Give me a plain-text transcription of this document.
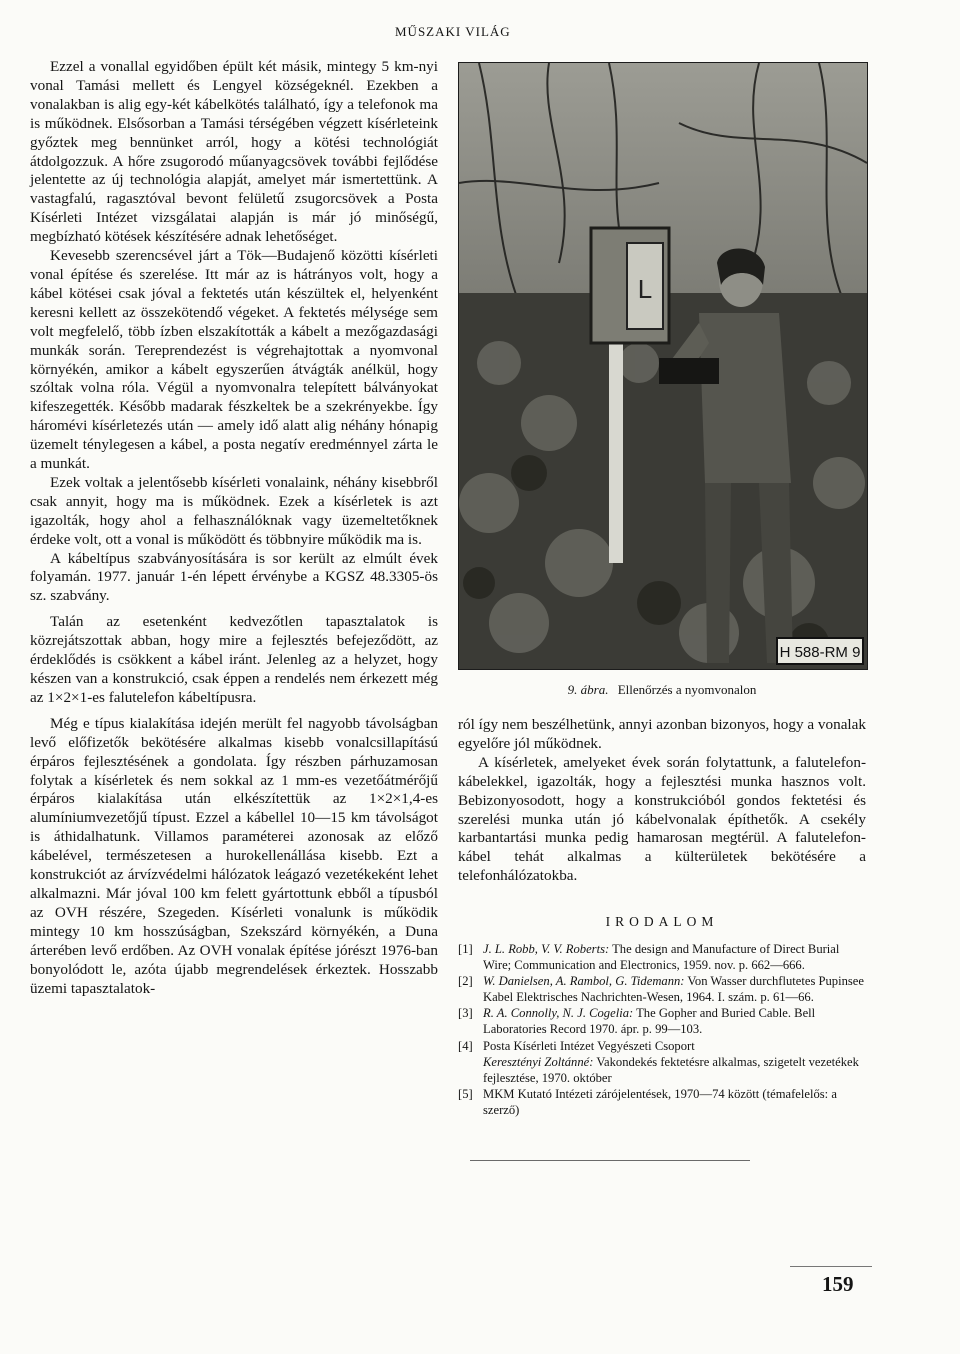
MŰSZAKI VILÁG

Ezzel a vonallal egyidőben épült két másik, mintegy 5 km-nyi vonal Tamási mellett és Lengyel községeknél. Ezekben a vonalakban is alig egy-két kábelkötés található, így a telefonok ma is működnek. Elsősorban a Tamási térségében végzett kísérleteink győztek meg bennünket arról, hogy a kötési technológiát átdolgozzuk. A hőre zsugorodó műanyagcsövek további fejlődése jelentette az új technológia alapját, amelyet már ismertettünk. A vastagfalú, ragasztóval bevont felületű zsugorcsövek a Posta Kísérleti Intézet vizsgálatai alapján is már jó minőségű, megbízható kötések készítésére adnak lehetőséget.

Kevesebb szerencsével járt a Tök—Budajenő közötti kísérleti vonal építése és szerelése. Itt már az is hátrányos volt, hogy a kábel kötései csak jóval a fektetés után készültek el, helyenként keresni kellett az összekötendő végeket. A fektetés mélysége sem volt megfelelő, több ízben elszakították a kábelt a mezőgazdasági munkák során. Tereprendezést is végrehajtottak a nyomvonal környékén, amikor a kábelt egyszerűen átvágták anélkül, hogy szóltak volna róla. Végül a nyomvonalra telepített bálványokat kifeszegették. Később madarak fészkeltek be a szekrényekbe. Így háromévi kísérletezés után — amely idő alatt alig néhány hónapig üzemelt ténylegesen a kábel, a posta negatív eredménnyel zárta le a munkát.

Ezek voltak a jelentősebb kísérleti vonalaink, néhány kisebbről csak annyit, hogy ma is működnek. Ezek a kísérletek is azt igazolták, hogy ahol a felhasználóknak vagy üzemeltetőknek érdeke volt, ott a vonal is működött és többnyire működik ma is.

A kábeltípus szabványosítására is sor került az elmúlt évek folyamán. 1977. január 1-én lépett érvénybe a KGSZ 48.3305-ös sz. szabvány.

Talán az esetenként kedvezőtlen tapasztalatok is közrejátszottak abban, hogy mire a fejlesztés befejeződött, az érdeklődés is csökkent a kábel iránt. Jelenleg az a helyzet, hogy készen van a konstrukció, csak éppen a rendelés nem érkezett még az 1×2×1-es falutelefon kábeltípusra.

Még e típus kialakítása idején merült fel nagyobb távolságban levő előfizetők bekötésére alkalmas kisebb vonalcsillapítású érpáros fejlesztésének a gondolata. Így részben párhuzamosan folytak a kísérletek és nem sokkal az 1 mm-es vezetőátmérőjű érpáros kialakítása után elkészítettük az 1×2×1,4-es alumíniumvezetőjű típust. Ezzel a kábellel 10—15 km távolságot is áthidalhatunk. Villamos paraméterei azonosak az előző kábelével, természetesen a hurokellenállása kisebb. Ezt a konstrukciót az árvízvédelmi hálózatok leágazó vezetékeként lehet alkalmazni. Már jóval 100 km felett gyártottunk ebből a típusból az OVH részére, Szegeden. Kísérleti vonalunk is működik mintegy 10 km hosszúságban, Szekszárd környékén, a Duna árterében levő erdőben. Az OVH vonalak építése jórészt 1976-ban bonyolódott le, azóta újabb megrendelések érkeztek. Hosszabb üzemi tapasztalatok-

L
H 588-RM 9
9. ábra. Ellenőrzés a nyomvonalon

ról így nem beszélhetünk, annyi azonban bizonyos, hogy a vonalak egyelőre jól működnek.

A kísérletek, amelyeket évek során folytattunk, a falutelefon-kábelekkel, igazolták, hogy a fejlesztési munka hasznos volt. Bebizonyosodott, hogy a konstrukcióból gondos fektetési és szerelési munka után jó kábelvonalak építhetők. A csekély karbantartási munka pedig hamarosan megtérül. A falutelefon-kábel tehát alkalmas a külterületek bekötésére a telefonhálózatokba.

IRODALOM
[1] J. L. Robb, V. V. Roberts: The design and Manufacture of Direct Burial Wire; Communication and Electronics, 1959. nov. p. 662—666.
[2] W. Danielsen, A. Rambol, G. Tidemann: Von Wasser durchflutetes Pupinsee Kabel Elektrisches Nachrichten-Wesen, 1964. I. szám. p. 61—66.
[3] R. A. Connolly, N. J. Cogelia: The Gopher and Buried Cable. Bell Laboratories Record 1970. ápr. p. 99—103.
[4] Posta Kísérleti Intézet Vegyészeti Csoport
Keresztényi Zoltánné: Vakondekés fektetésre alkalmas, szigetelt vezetékek fejlesztése, 1970. október
[5] MKM Kutató Intézeti zárójelentések, 1970—74 között (témafelelős: a szerző)
159
